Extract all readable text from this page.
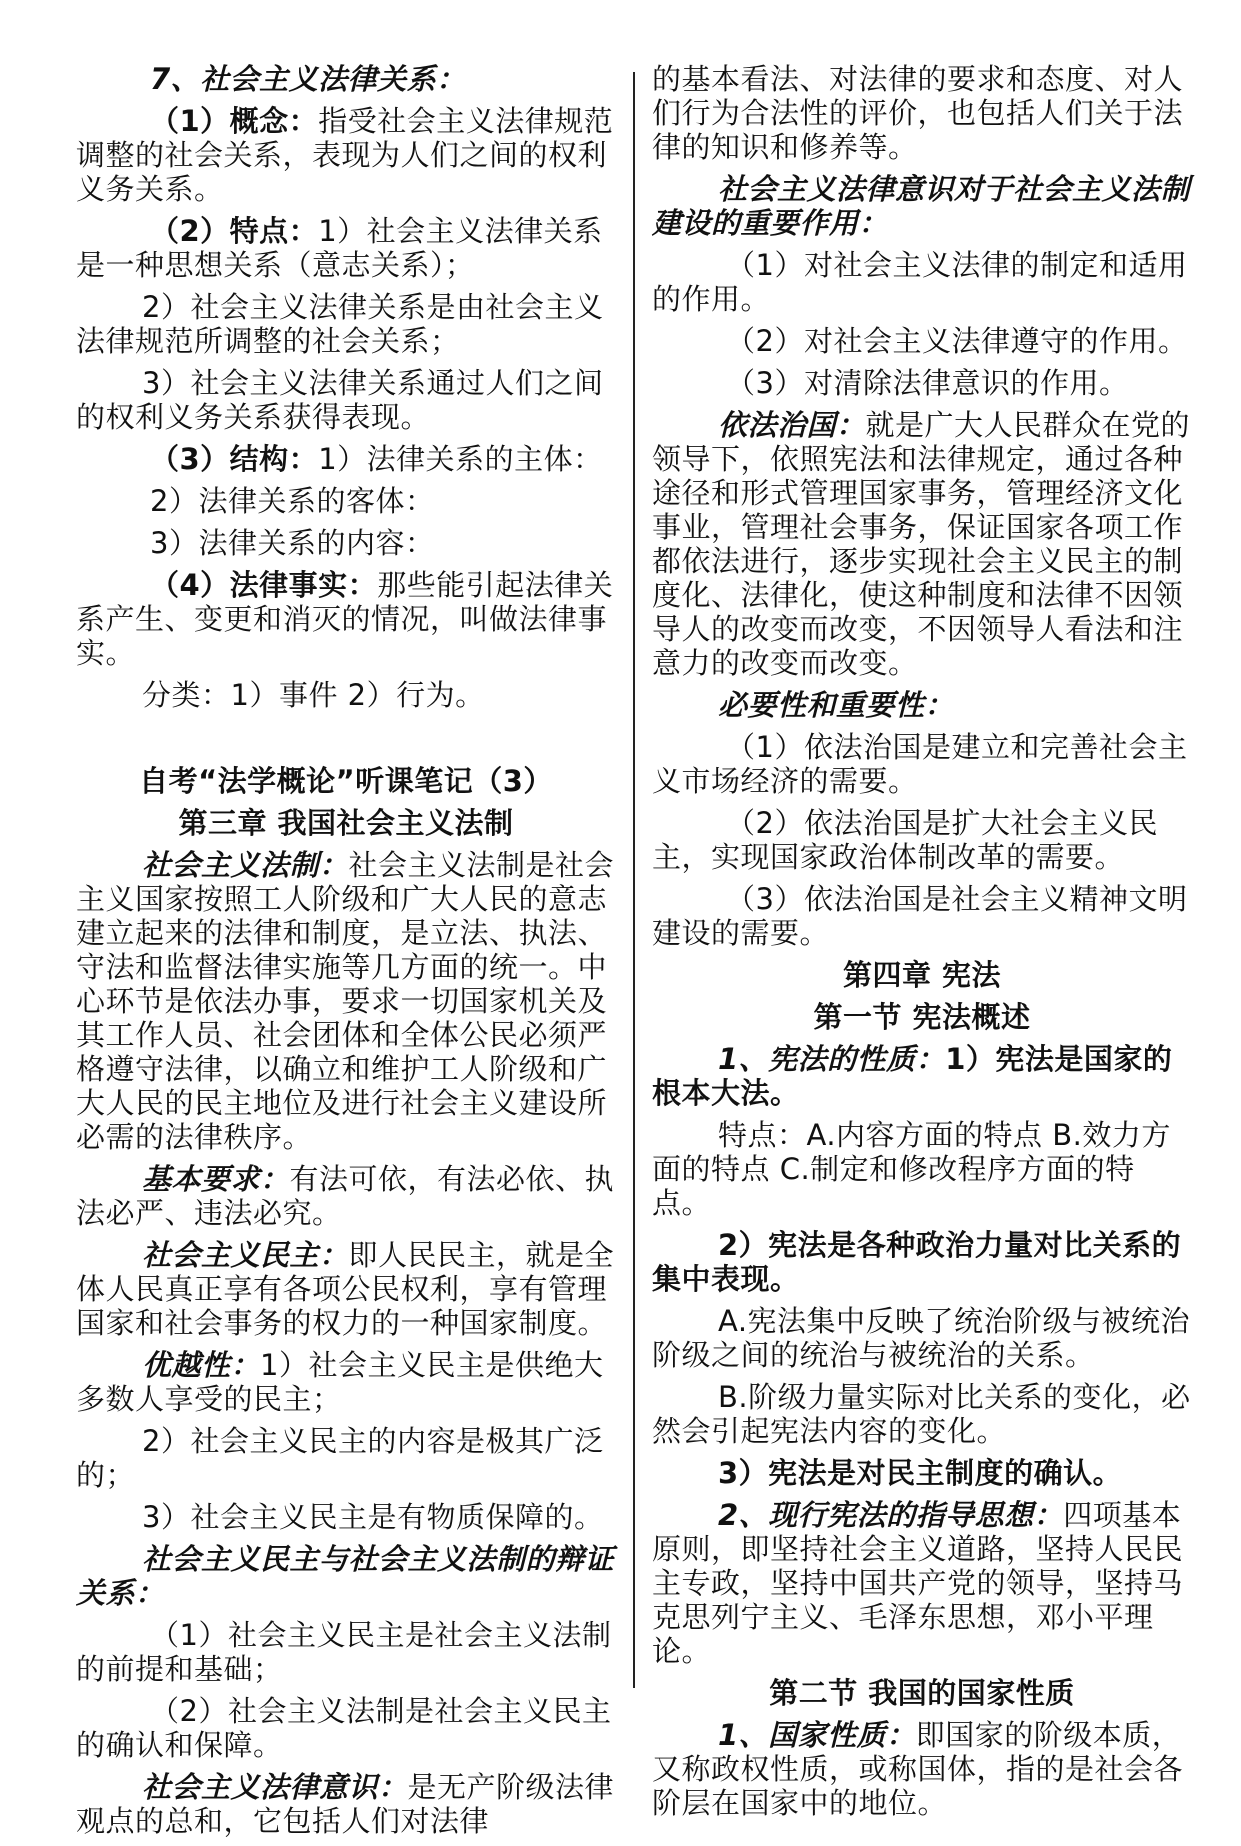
7、社会主义法律关系：

（1）概念：指受社会主义法律规范调整的社会关系，表现为人们之间的权利义务关系。

（2）特点：1）社会主义法律关系是一种思想关系（意志关系）；

2）社会主义法律关系是由社会主义法律规范所调整的社会关系；

3）社会主义法律关系通过人们之间的权利义务关系获得表现。

（3）结构：1）法律关系的主体：

2）法律关系的客体：

3）法律关系的内容：

（4）法律事实：那些能引起法律关系产生、变更和消灭的情况，叫做法律事实。

分类：1）事件 2）行为。

自考“法学概论”听课笔记（3）

第三章 我国社会主义法制

社会主义法制：社会主义法制是社会主义国家按照工人阶级和广大人民的意志建立起来的法律和制度，是立法、执法、守法和监督法律实施等几方面的统一。中心环节是依法办事，要求一切国家机关及其工作人员、社会团体和全体公民必须严格遵守法律，以确立和维护工人阶级和广大人民的民主地位及进行社会主义建设所必需的法律秩序。

基本要求：有法可依，有法必依、执法必严、违法必究。

社会主义民主：即人民民主，就是全体人民真正享有各项公民权利，享有管理国家和社会事务的权力的一种国家制度。

优越性：1）社会主义民主是供绝大多数人享受的民主；

2）社会主义民主的内容是极其广泛的；

3）社会主义民主是有物质保障的。

社会主义民主与社会主义法制的辩证关系：

（1）社会主义民主是社会主义法制的前提和基础；

（2）社会主义法制是社会主义民主的确认和保障。

社会主义法律意识：是无产阶级法律观点的总和，它包括人们对法律

的基本看法、对法律的要求和态度、对人们行为合法性的评价，也包括人们关于法律的知识和修养等。

社会主义法律意识对于社会主义法制建设的重要作用：

（1）对社会主义法律的制定和适用的作用。

（2）对社会主义法律遵守的作用。

（3）对清除法律意识的作用。

依法治国：就是广大人民群众在党的领导下，依照宪法和法律规定，通过各种途径和形式管理国家事务，管理经济文化事业，管理社会事务，保证国家各项工作都依法进行，逐步实现社会主义民主的制度化、法律化，使这种制度和法律不因领导人的改变而改变，不因领导人看法和注意力的改变而改变。

必要性和重要性：

（1）依法治国是建立和完善社会主义市场经济的需要。

（2）依法治国是扩大社会主义民主，实现国家政治体制改革的需要。

（3）依法治国是社会主义精神文明建设的需要。

第四章 宪法

第一节 宪法概述

1、宪法的性质：1）宪法是国家的根本大法。

特点：A.内容方面的特点 B.效力方面的特点 C.制定和修改程序方面的特点。

2）宪法是各种政治力量对比关系的集中表现。

A.宪法集中反映了统治阶级与被统治阶级之间的统治与被统治的关系。

B.阶级力量实际对比关系的变化，必然会引起宪法内容的变化。

3）宪法是对民主制度的确认。

2、现行宪法的指导思想：四项基本原则，即坚持社会主义道路，坚持人民民主专政，坚持中国共产党的领导，坚持马克思列宁主义、毛泽东思想，邓小平理论。

第二节 我国的国家性质

1、国家性质：即国家的阶级本质，又称政权性质，或称国体，指的是社会各阶层在国家中的地位。
